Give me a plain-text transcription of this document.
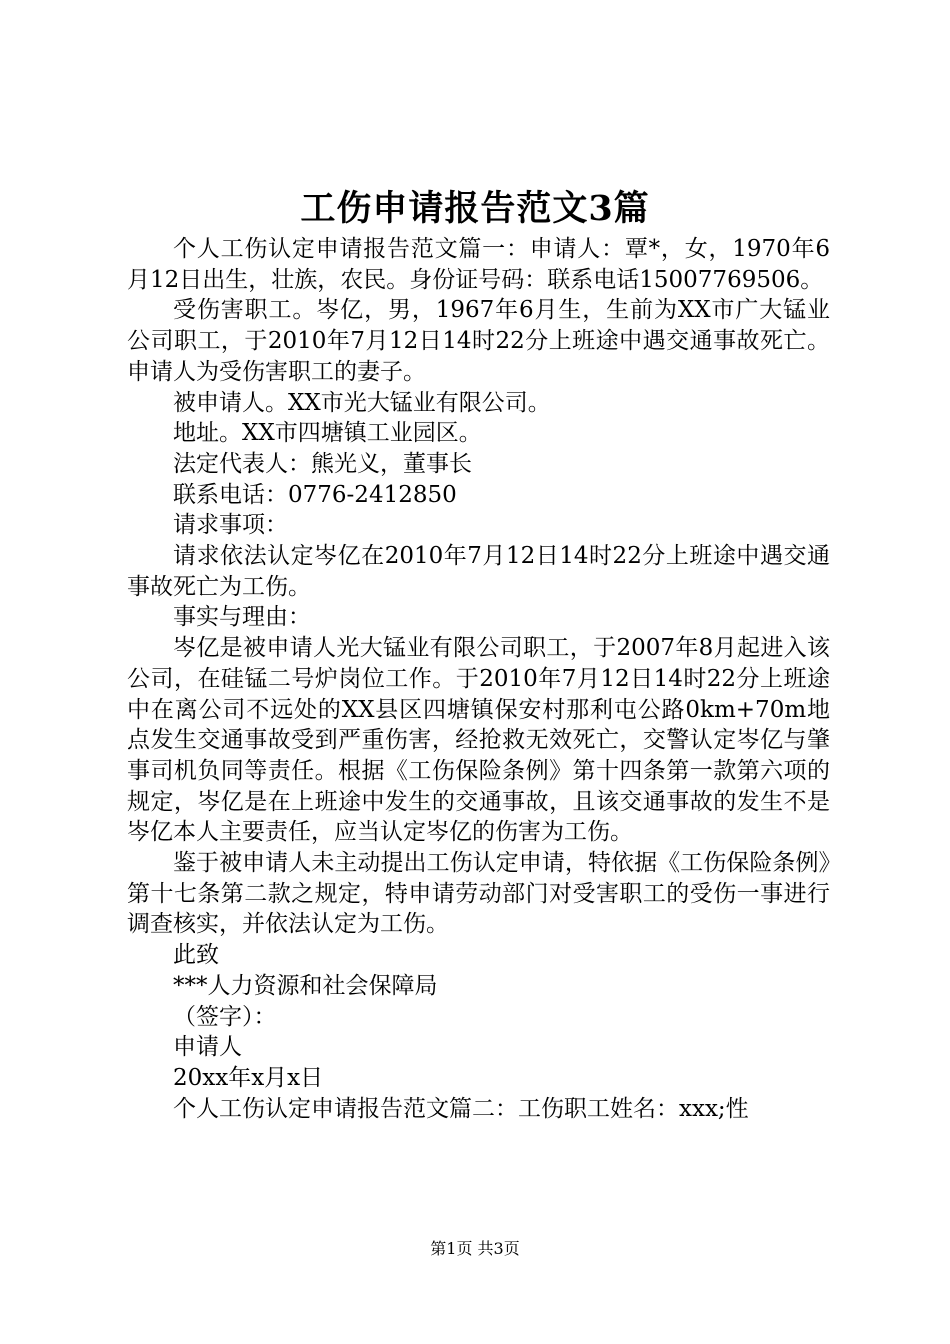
工伤申请报告范文3篇

个人工伤认定申请报告范文篇一：申请人：覃*，女，1970年6月12日出生，壮族，农民。身份证号码：联系电话15007769506。

受伤害职工。岑亿，男，1967年6月生，生前为XX市广大锰业公司职工，于2010年7月12日14时22分上班途中遇交通事故死亡。申请人为受伤害职工的妻子。

被申请人。XX市光大锰业有限公司。

地址。XX市四塘镇工业园区。

法定代表人：熊光义，董事长

联系电话：0776-2412850

请求事项：

请求依法认定岑亿在2010年7月12日14时22分上班途中遇交通事故死亡为工伤。

事实与理由：

岑亿是被申请人光大锰业有限公司职工，于2007年8月起进入该公司，在硅锰二号炉岗位工作。于2010年7月12日14时22分上班途中在离公司不远处的XX县区四塘镇保安村那利屯公路0km+70m地点发生交通事故受到严重伤害，经抢救无效死亡，交警认定岑亿与肇事司机负同等责任。根据《工伤保险条例》第十四条第一款第六项的规定，岑亿是在上班途中发生的交通事故，且该交通事故的发生不是岑亿本人主要责任，应当认定岑亿的伤害为工伤。

鉴于被申请人未主动提出工伤认定申请，特依据《工伤保险条例》第十七条第二款之规定，特申请劳动部门对受害职工的受伤一事进行调查核实，并依法认定为工伤。

此致

***人力资源和社会保障局

（签字）：

申请人

20xx年x月x日

个人工伤认定申请报告范文篇二：工伤职工姓名：xxx;性

第1页 共3页
